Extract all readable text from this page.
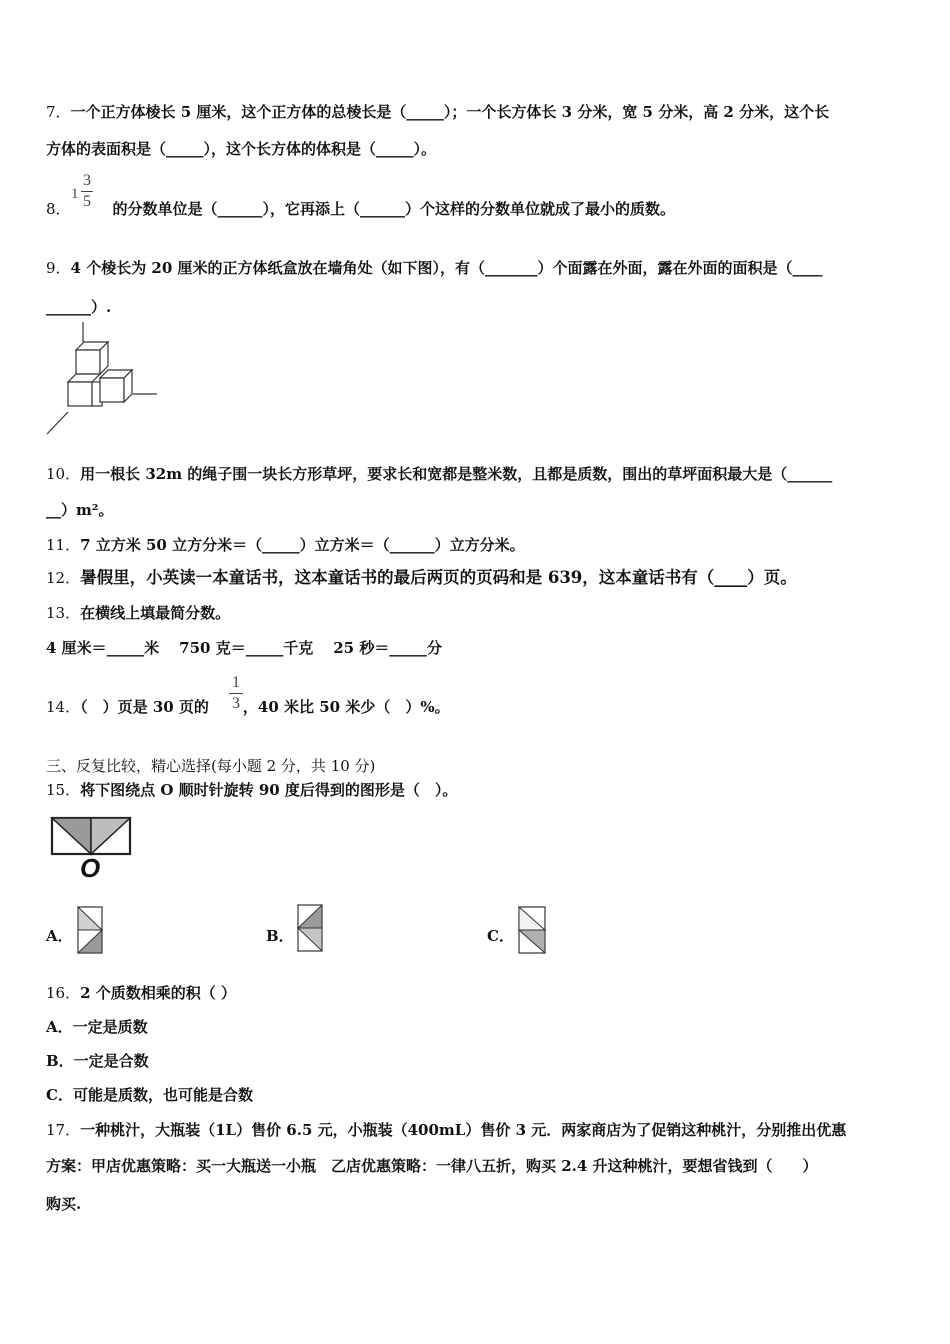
7．一个正方体棱长 5 厘米，这个正方体的总棱长是（_____）；一个长方体长 3 分米，宽 5 分米，高 2 分米，这个长
方体的表面积是（_____），这个长方体的体积是（_____）。
8．	的分数单位是（______），它再添上（______）个这样的分数单位就成了最小的质数。
1
3
5
9．4 个棱长为 20 厘米的正方体纸盒放在墙角处（如下图），有（_______）个面露在外面，露在外面的面积是（____
______）.
10．用一根长 32m 的绳子围一块长方形草坪，要求长和宽都是整米数，且都是质数，围出的草坪面积最大是（______
__）m²。
11．7 立方米 50 立方分米＝（_____）立方米＝（______）立方分米。
12．暑假里，小英读一本童话书，这本童话书的最后两页的页码和是 639，这本童话书有（____）页。
13．在横线上填最简分数。
4 厘米＝_____米 750 克＝_____千克 25 秒＝_____分
14．（　）页是 30 页的 ，40 米比 50 米少（　）%。
1
3
三、反复比较，精心选择(每小题 2 分，共 10 分)
15．将下图绕点 O 顺时针旋转 90 度后得到的图形是（　）。
O
A．	B．	C．
16．2 个质数相乘的积（ ）
A．一定是质数
B．一定是合数
C．可能是质数，也可能是合数
17．一种桃汁，大瓶装（1L）售价 6.5 元，小瓶装（400mL）售价 3 元．两家商店为了促销这种桃汁，分别推出优惠
方案：甲店优惠策略：买一大瓶送一小瓶　乙店优惠策略：一律八五折，购买 2.4 升这种桃汁，要想省钱到（　　）
购买.
